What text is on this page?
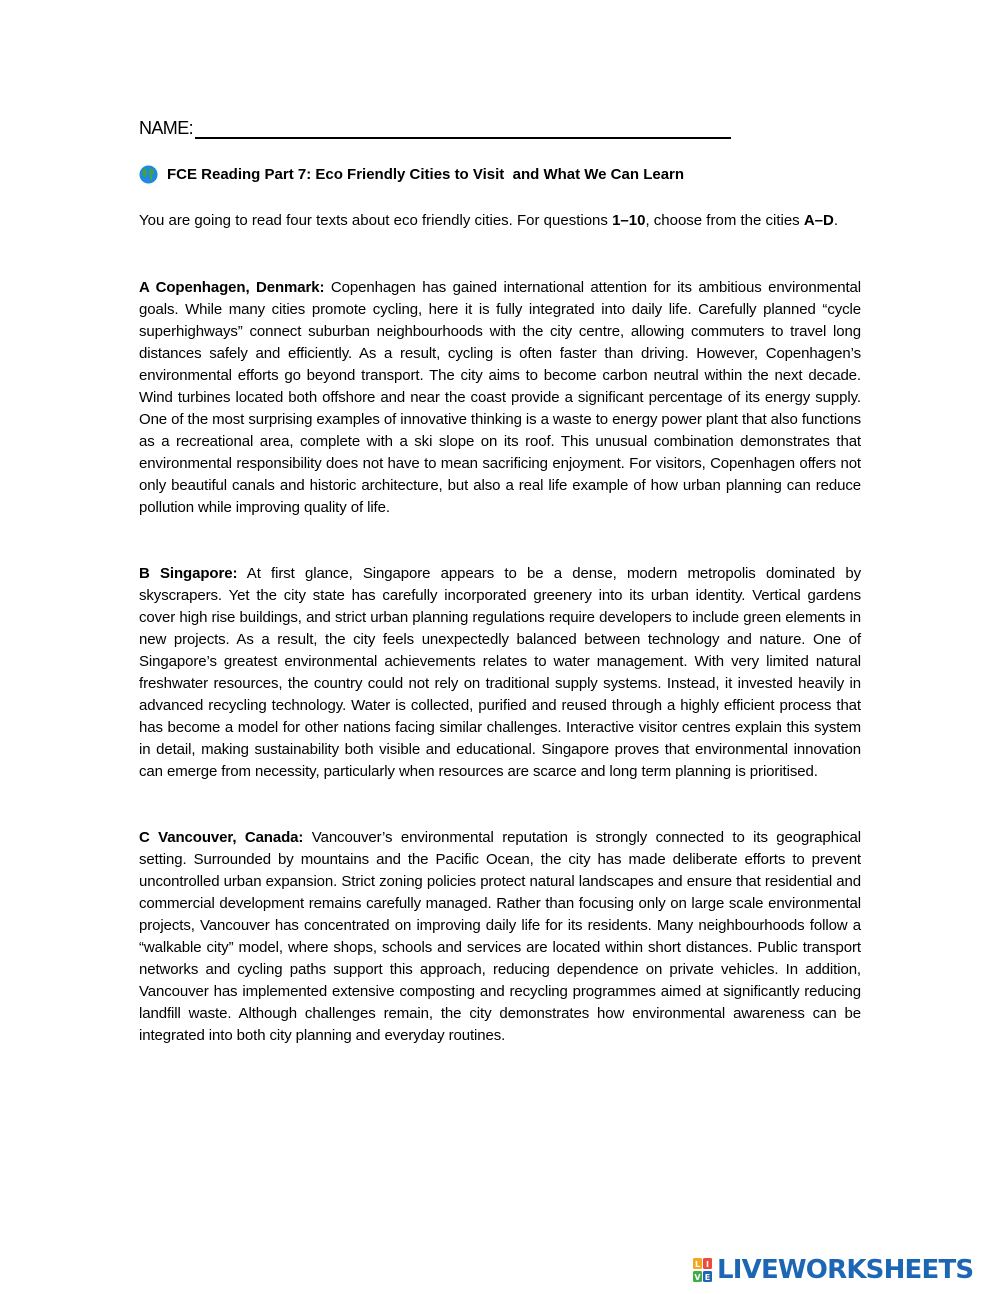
NAME:
FCE Reading Part 7: Eco Friendly Cities to Visit  and What We Can Learn
You are going to read four texts about eco friendly cities. For questions 1–10, choose from the cities A–D.
A Copenhagen, Denmark: Copenhagen has gained international attention for its ambitious environmental goals. While many cities promote cycling, here it is fully integrated into daily life. Carefully planned “cycle superhighways” connect suburban neighbourhoods with the city centre, allowing commuters to travel long distances safely and efficiently. As a result, cycling is often faster than driving. However, Copenhagen’s environmental efforts go beyond transport. The city aims to become carbon neutral within the next decade. Wind turbines located both offshore and near the coast provide a significant percentage of its energy supply. One of the most surprising examples of innovative thinking is a waste to energy power plant that also functions as a recreational area, complete with a ski slope on its roof. This unusual combination demonstrates that environmental responsibility does not have to mean sacrificing enjoyment. For visitors, Copenhagen offers not only beautiful canals and historic architecture, but also a real life example of how urban planning can reduce pollution while improving quality of life.
B Singapore: At first glance, Singapore appears to be a dense, modern metropolis dominated by skyscrapers. Yet the city state has carefully incorporated greenery into its urban identity. Vertical gardens cover high rise buildings, and strict urban planning regulations require developers to include green elements in new projects. As a result, the city feels unexpectedly balanced between technology and nature. One of Singapore’s greatest environmental achievements relates to water management. With very limited natural freshwater resources, the country could not rely on traditional supply systems. Instead, it invested heavily in advanced recycling technology. Water is collected, purified and reused through a highly efficient process that has become a model for other nations facing similar challenges. Interactive visitor centres explain this system in detail, making sustainability both visible and educational. Singapore proves that environmental innovation can emerge from necessity, particularly when resources are scarce and long term planning is prioritised.
C Vancouver, Canada: Vancouver’s environmental reputation is strongly connected to its geographical setting. Surrounded by mountains and the Pacific Ocean, the city has made deliberate efforts to prevent uncontrolled urban expansion. Strict zoning policies protect natural landscapes and ensure that residential and commercial development remains carefully managed. Rather than focusing only on large scale environmental projects, Vancouver has concentrated on improving daily life for its residents. Many neighbourhoods follow a “walkable city” model, where shops, schools and services are located within short distances. Public transport networks and cycling paths support this approach, reducing dependence on private vehicles. In addition, Vancouver has implemented extensive composting and recycling programmes aimed at significantly reducing landfill waste. Although challenges remain, the city demonstrates how environmental awareness can be integrated into both city planning and everyday routines.
L I
V E LIVEWORKSHEETS
